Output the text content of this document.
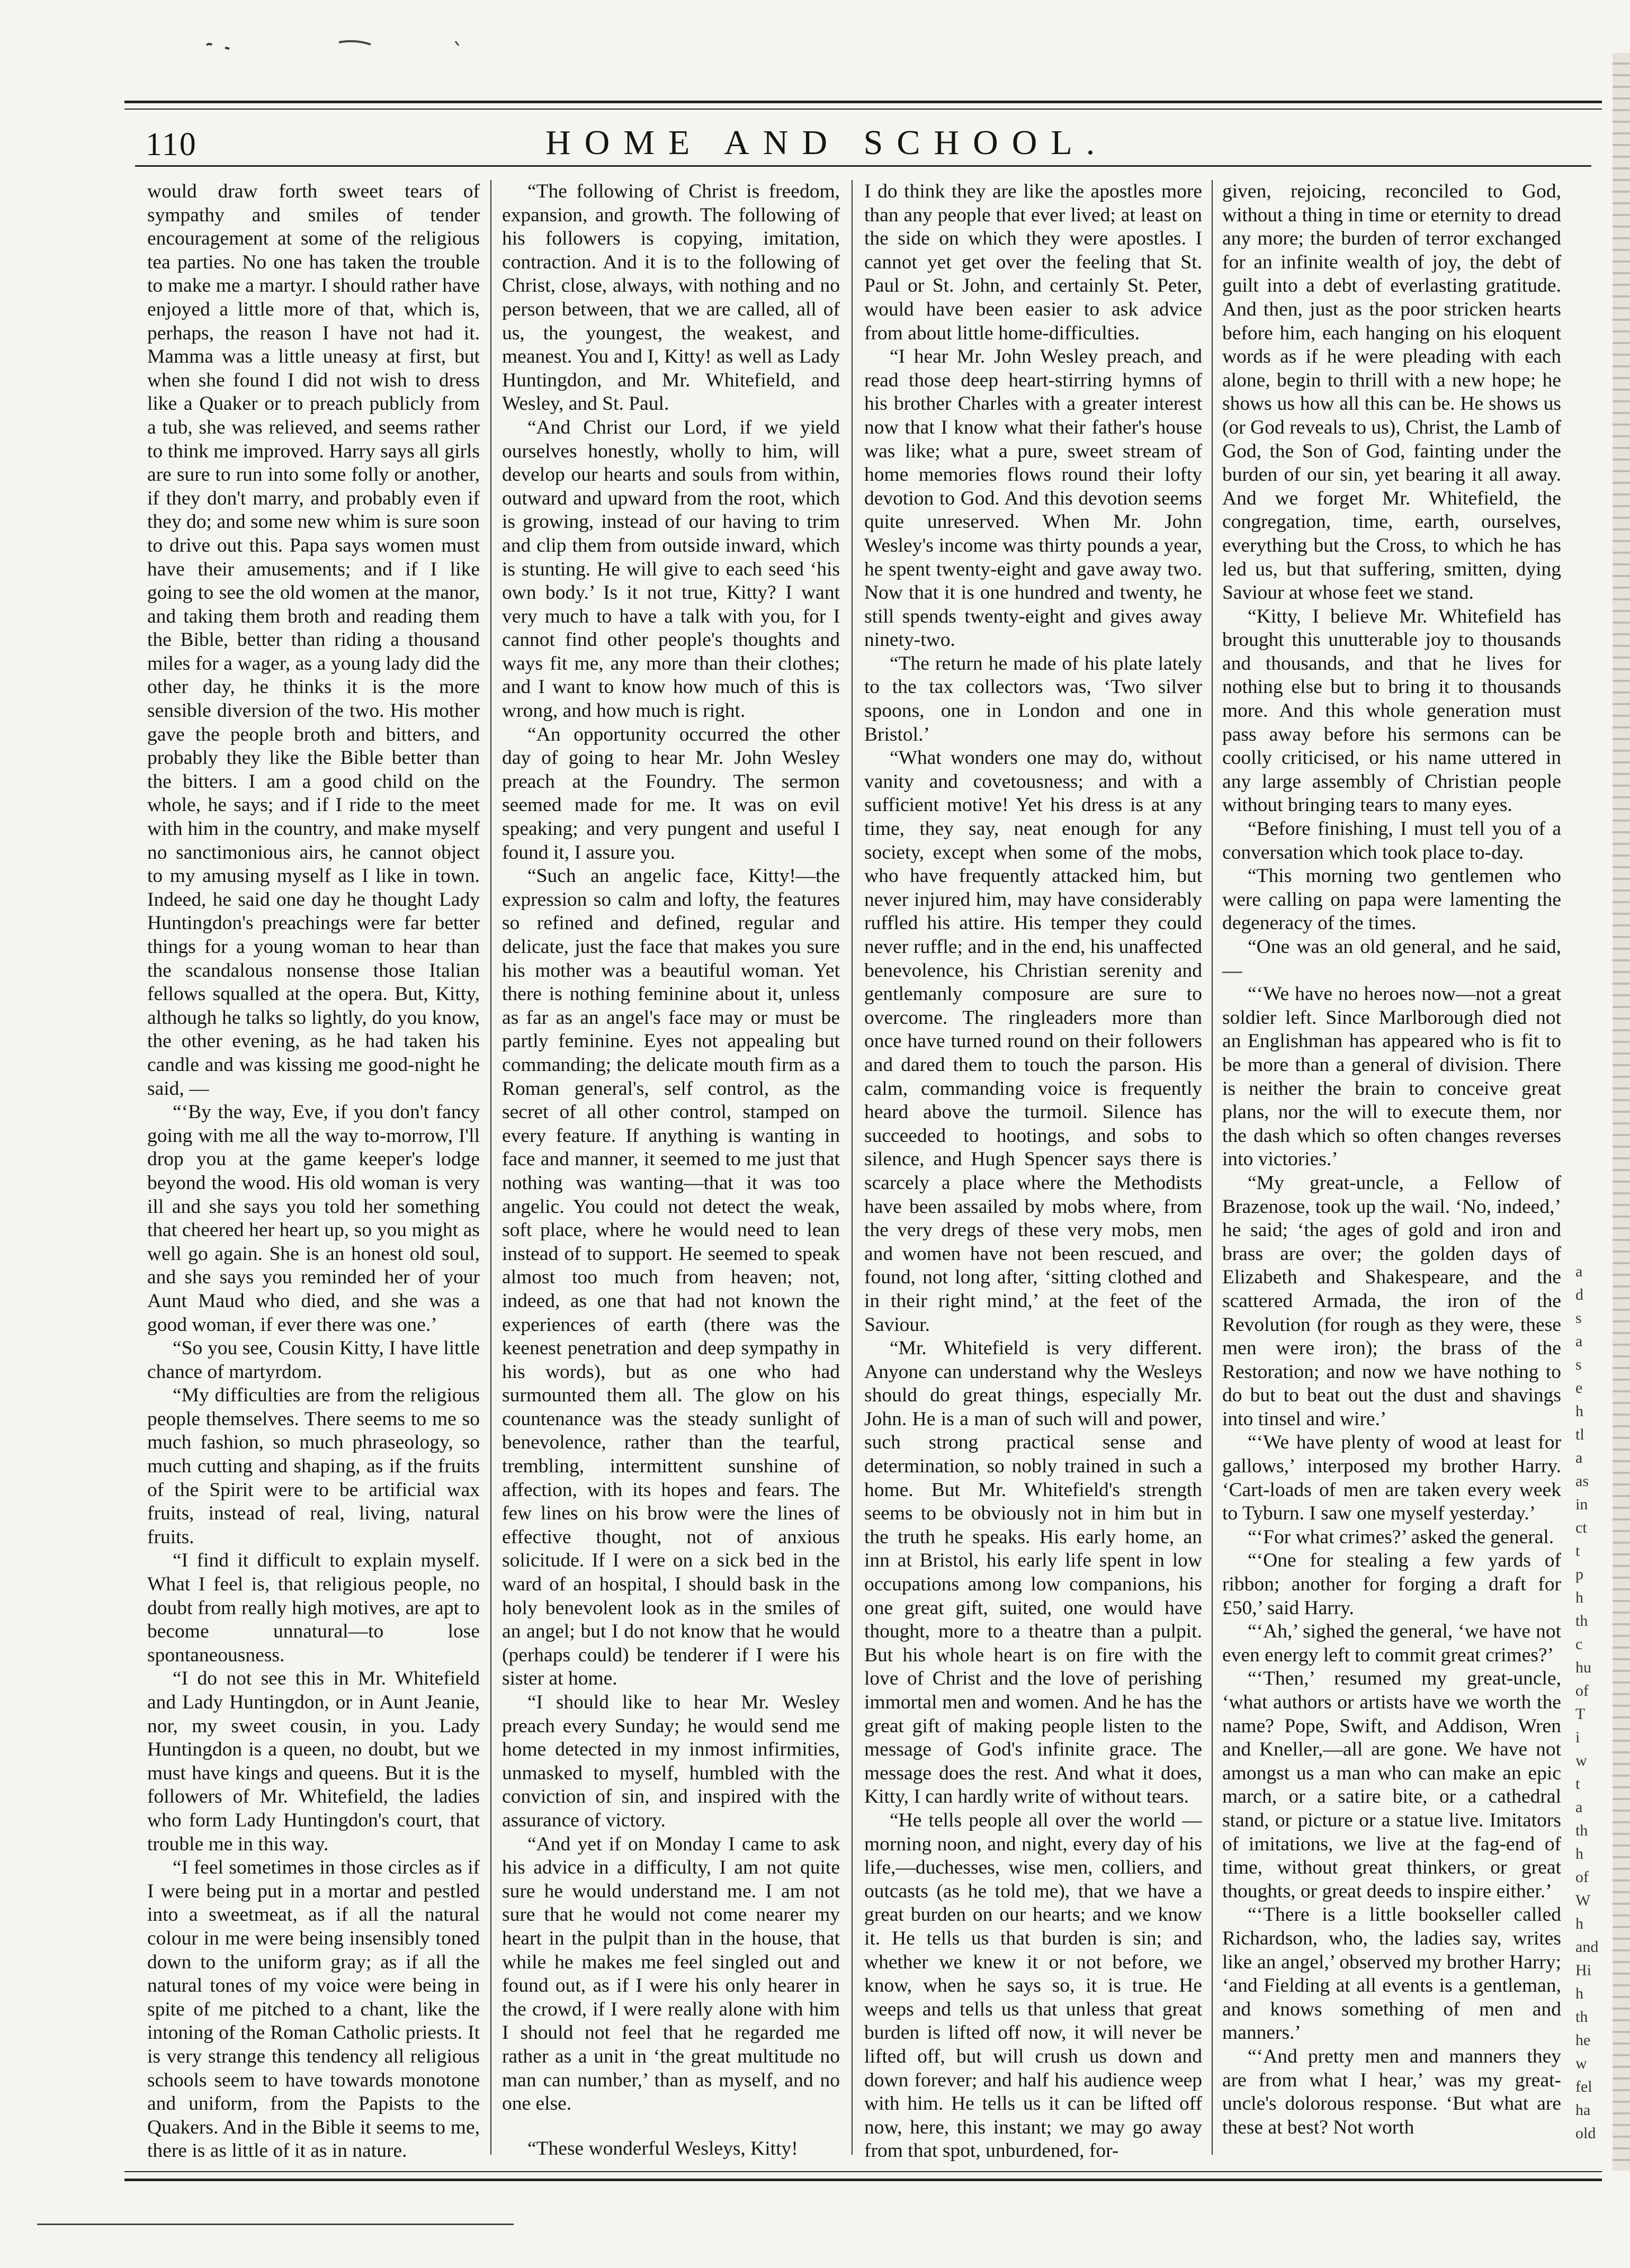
110	HOME AND SCHOOL.

would draw forth sweet tears of sympathy and smiles of tender encouragement at some of the religious tea parties. No one has taken the trouble to make me a martyr. I should rather have enjoyed a little more of that, which is, perhaps, the reason I have not had it. Mamma was a little uneasy at first, but when she found I did not wish to dress like a Quaker or to preach publicly from a tub, she was relieved, and seems rather to think me improved. Harry says all girls are sure to run into some folly or another, if they don't marry, and probably even if they do; and some new whim is sure soon to drive out this. Papa says women must have their amusements; and if I like going to see the old women at the manor, and taking them broth and reading them the Bible, better than riding a thousand miles for a wager, as a young lady did the other day, he thinks it is the more sensible diversion of the two. His mother gave the people broth and bitters, and probably they like the Bible better than the bitters. I am a good child on the whole, he says; and if I ride to the meet with him in the country, and make myself no sanctimonious airs, he cannot object to my amusing myself as I like in town. Indeed, he said one day he thought Lady Huntingdon's preachings were far better things for a young woman to hear than the scandalous nonsense those Italian fellows squalled at the opera. But, Kitty, although he talks so lightly, do you know, the other evening, as he had taken his candle and was kissing me good-night he said, —

“‘By the way, Eve, if you don't fancy going with me all the way to-morrow, I'll drop you at the game keeper's lodge beyond the wood. His old woman is very ill and she says you told her something that cheered her heart up, so you might as well go again. She is an honest old soul, and she says you reminded her of your Aunt Maud who died, and she was a good woman, if ever there was one.’

“So you see, Cousin Kitty, I have little chance of martyrdom.

“My difficulties are from the religious people themselves. There seems to me so much fashion, so much phraseology, so much cutting and shaping, as if the fruits of the Spirit were to be artificial wax fruits, instead of real, living, natural fruits.

“I find it difficult to explain myself. What I feel is, that religious people, no doubt from really high motives, are apt to become unnatural—to lose spontaneousness.

“I do not see this in Mr. Whitefield and Lady Huntingdon, or in Aunt Jeanie, nor, my sweet cousin, in you. Lady Huntingdon is a queen, no doubt, but we must have kings and queens. But it is the followers of Mr. Whitefield, the ladies who form Lady Huntingdon's court, that trouble me in this way.

“I feel sometimes in those circles as if I were being put in a mortar and pestled into a sweetmeat, as if all the natural colour in me were being insensibly toned down to the uniform gray; as if all the natural tones of my voice were being in spite of me pitched to a chant, like the intoning of the Roman Catholic priests. It is very strange this tendency all religious schools seem to have towards monotone and uniform, from the Papists to the Quakers. And in the Bible it seems to me, there is as little of it as in nature.

“The following of Christ is freedom, expansion, and growth. The following of his followers is copying, imitation, contraction. And it is to the following of Christ, close, always, with nothing and no person between, that we are called, all of us, the youngest, the weakest, and meanest. You and I, Kitty! as well as Lady Huntingdon, and Mr. Whitefield, and Wesley, and St. Paul.

“And Christ our Lord, if we yield ourselves honestly, wholly to him, will develop our hearts and souls from within, outward and upward from the root, which is growing, instead of our having to trim and clip them from outside inward, which is stunting. He will give to each seed ‘his own body.’ Is it not true, Kitty? I want very much to have a talk with you, for I cannot find other people's thoughts and ways fit me, any more than their clothes; and I want to know how much of this is wrong, and how much is right.

“An opportunity occurred the other day of going to hear Mr. John Wesley preach at the Foundry. The sermon seemed made for me. It was on evil speaking; and very pungent and useful I found it, I assure you.

“Such an angelic face, Kitty!—the expression so calm and lofty, the features so refined and defined, regular and delicate, just the face that makes you sure his mother was a beautiful woman. Yet there is nothing feminine about it, unless as far as an angel's face may or must be partly feminine. Eyes not appealing but commanding; the delicate mouth firm as a Roman general's, self control, as the secret of all other control, stamped on every feature. If anything is wanting in face and manner, it seemed to me just that nothing was wanting—that it was too angelic. You could not detect the weak, soft place, where he would need to lean instead of to support. He seemed to speak almost too much from heaven; not, indeed, as one that had not known the experiences of earth (there was the keenest penetration and deep sympathy in his words), but as one who had surmounted them all. The glow on his countenance was the steady sunlight of benevolence, rather than the tearful, trembling, intermittent sunshine of affection, with its hopes and fears. The few lines on his brow were the lines of effective thought, not of anxious solicitude. If I were on a sick bed in the ward of an hospital, I should bask in the holy benevolent look as in the smiles of an angel; but I do not know that he would (perhaps could) be tenderer if I were his sister at home.

“I should like to hear Mr. Wesley preach every Sunday; he would send me home detected in my inmost infirmities, unmasked to myself, humbled with the conviction of sin, and inspired with the assurance of victory.

“And yet if on Monday I came to ask his advice in a difficulty, I am not quite sure he would understand me. I am not sure that he would not come nearer my heart in the pulpit than in the house, that while he makes me feel singled out and found out, as if I were his only hearer in the crowd, if I were really alone with him I should not feel that he regarded me rather as a unit in ‘the great multitude no man can number,’ than as myself, and no one else.

“These wonderful Wesleys, Kitty!

I do think they are like the apostles more than any people that ever lived; at least on the side on which they were apostles. I cannot yet get over the feeling that St. Paul or St. John, and certainly St. Peter, would have been easier to ask advice from about little home-difficulties.

“I hear Mr. John Wesley preach, and read those deep heart-stirring hymns of his brother Charles with a greater interest now that I know what their father's house was like; what a pure, sweet stream of home memories flows round their lofty devotion to God. And this devotion seems quite unreserved. When Mr. John Wesley's income was thirty pounds a year, he spent twenty-eight and gave away two. Now that it is one hundred and twenty, he still spends twenty-eight and gives away ninety-two.

“The return he made of his plate lately to the tax collectors was, ‘Two silver spoons, one in London and one in Bristol.’

“What wonders one may do, without vanity and covetousness; and with a sufficient motive! Yet his dress is at any time, they say, neat enough for any society, except when some of the mobs, who have frequently attacked him, but never injured him, may have considerably ruffled his attire. His temper they could never ruffle; and in the end, his unaffected benevolence, his Christian serenity and gentlemanly composure are sure to overcome. The ringleaders more than once have turned round on their followers and dared them to touch the parson. His calm, commanding voice is frequently heard above the turmoil. Silence has succeeded to hootings, and sobs to silence, and Hugh Spencer says there is scarcely a place where the Methodists have been assailed by mobs where, from the very dregs of these very mobs, men and women have not been rescued, and found, not long after, ‘sitting clothed and in their right mind,’ at the feet of the Saviour.

“Mr. Whitefield is very different. Anyone can understand why the Wesleys should do great things, especially Mr. John. He is a man of such will and power, such strong practical sense and determination, so nobly trained in such a home. But Mr. Whitefield's strength seems to be obviously not in him but in the truth he speaks. His early home, an inn at Bristol, his early life spent in low occupations among low companions, his one great gift, suited, one would have thought, more to a theatre than a pulpit. But his whole heart is on fire with the love of Christ and the love of perishing immortal men and women. And he has the great gift of making people listen to the message of God's infinite grace. The message does the rest. And what it does, Kitty, I can hardly write of without tears.

“He tells people all over the world —morning noon, and night, every day of his life,—duchesses, wise men, colliers, and outcasts (as he told me), that we have a great burden on our hearts; and we know it. He tells us that burden is sin; and whether we knew it or not before, we know, when he says so, it is true. He weeps and tells us that unless that great burden is lifted off now, it will never be lifted off, but will crush us down and down forever; and half his audience weep with him. He tells us it can be lifted off now, here, this instant; we may go away from that spot, unburdened, for-

given, rejoicing, reconciled to God, without a thing in time or eternity to dread any more; the burden of terror exchanged for an infinite wealth of joy, the debt of guilt into a debt of everlasting gratitude. And then, just as the poor stricken hearts before him, each hanging on his eloquent words as if he were pleading with each alone, begin to thrill with a new hope; he shows us how all this can be. He shows us (or God reveals to us), Christ, the Lamb of God, the Son of God, fainting under the burden of our sin, yet bearing it all away. And we forget Mr. Whitefield, the congregation, time, earth, ourselves, everything but the Cross, to which he has led us, but that suffering, smitten, dying Saviour at whose feet we stand.

“Kitty, I believe Mr. Whitefield has brought this unutterable joy to thousands and thousands, and that he lives for nothing else but to bring it to thousands more. And this whole generation must pass away before his sermons can be coolly criticised, or his name uttered in any large assembly of Christian people without bringing tears to many eyes.

“Before finishing, I must tell you of a conversation which took place to-day.

“This morning two gentlemen who were calling on papa were lamenting the degeneracy of the times.

“One was an old general, and he said,—

“‘We have no heroes now—not a great soldier left. Since Marlborough died not an Englishman has appeared who is fit to be more than a general of division. There is neither the brain to conceive great plans, nor the will to execute them, nor the dash which so often changes reverses into victories.’

“My great-uncle, a Fellow of Brazenose, took up the wail. ‘No, indeed,’ he said; ‘the ages of gold and iron and brass are over; the golden days of Elizabeth and Shakespeare, and the scattered Armada, the iron of the Revolution (for rough as they were, these men were iron); the brass of the Restoration; and now we have nothing to do but to beat out the dust and shavings into tinsel and wire.’

“‘We have plenty of wood at least for gallows,’ interposed my brother Harry. ‘Cart-loads of men are taken every week to Tyburn. I saw one myself yesterday.’

“‘For what crimes?’ asked the general.

“‘One for stealing a few yards of ribbon; another for forging a draft for £50,’ said Harry.

“‘Ah,’ sighed the general, ‘we have not even energy left to commit great crimes?’

“‘Then,’ resumed my great-uncle, ‘what authors or artists have we worth the name? Pope, Swift, and Addison, Wren and Kneller,—all are gone. We have not amongst us a man who can make an epic march, or a satire bite, or a cathedral stand, or picture or a statue live. Imitators of imitations, we live at the fag-end of time, without great thinkers, or great thoughts, or great deeds to inspire either.’

“‘There is a little bookseller called Richardson, who, the ladies say, writes like an angel,’ observed my brother Harry; ‘and Fielding at all events is a gentleman, and knows something of men and manners.’

“‘And pretty men and manners they are from what I hear,’ was my great-uncle's dolorous response. ‘But what are these at best? Not worth

a
d
s
a
s
e
h
tl
a
as
in
ct
t
p
h
th
c
hu
of
T
i
w
t
a
th
h
of
W
h
and
Hi
h
th
he
w
fel
ha
old
